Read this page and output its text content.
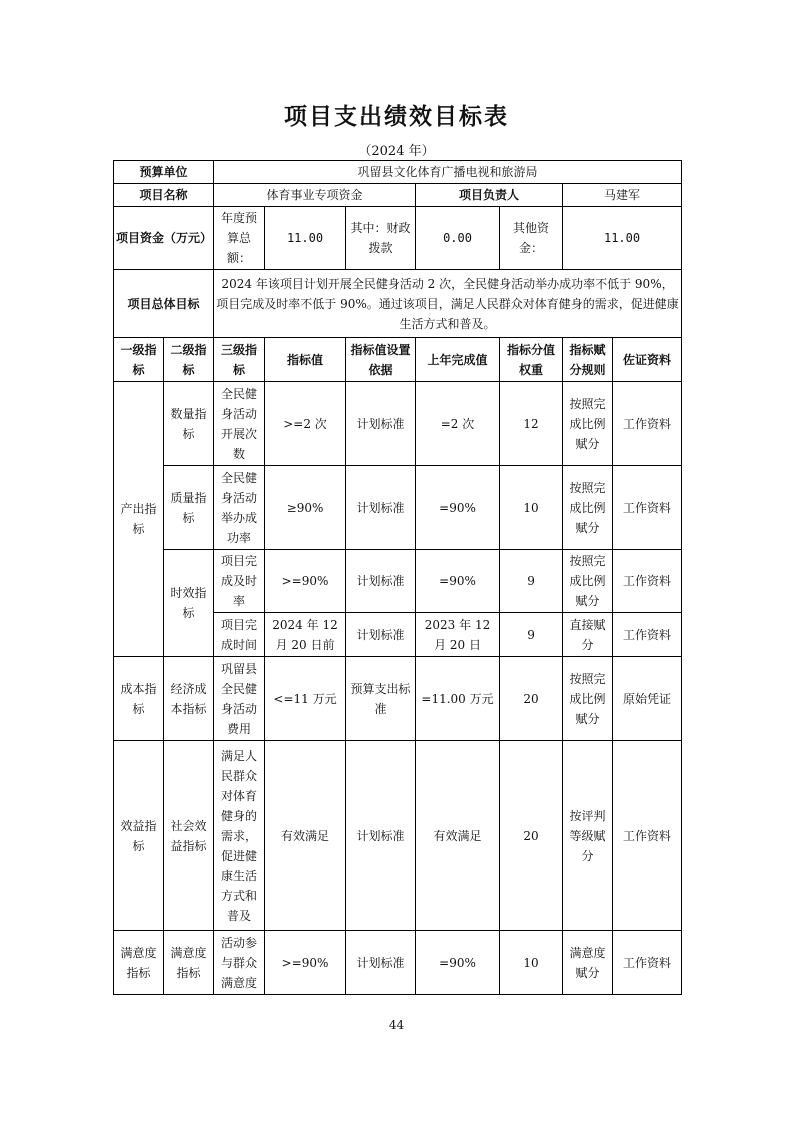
项目支出绩效目标表
（2024 年）
预算单位		巩留县文化体育广播电视和旅游局						
项目名称		体育事业专项资金			项目负责人		马建军	
项目资金（万元）		年度预算总额：	11.00	其中：财政拨款	0.00	其他资金：	11.00	
项目总体目标		2024 年该项目计划开展全民健身活动 2 次，全民健身活动举办成功率不低于 90%，项目完成及时率不低于 90%。通过该项目，满足人民群众对体育健身的需求，促进健康生活方式和普及。						
一级指标	二级指标	三级指标	指标值	指标值设置依据	上年完成值	指标分值权重	指标赋分规则	佐证资料
产出指标	数量指标	全民健身活动开展次数	>=2 次	计划标准	=2 次	12	按照完成比例赋分	工作资料
	质量指标	全民健身活动举办成功率	≥90%	计划标准	=90%	10	按照完成比例赋分	工作资料
	时效指标	项目完成及时率	>=90%	计划标准	=90%	9	按照完成比例赋分	工作资料
		项目完成时间	2024 年 12 月 20 日前	计划标准	2023 年 12 月 20 日	9	直接赋分	工作资料
成本指标	经济成本指标	巩留县全民健身活动费用	<=11 万元	预算支出标准	=11.00 万元	20	按照完成比例赋分	原始凭证
效益指标	社会效益指标	满足人民群众对体育健身的需求，促进健康生活方式和普及	有效满足	计划标准	有效满足	20	按评判等级赋分	工作资料
满意度指标	满意度指标	活动参与群众满意度	>=90%	计划标准	=90%	10	满意度赋分	工作资料
44
